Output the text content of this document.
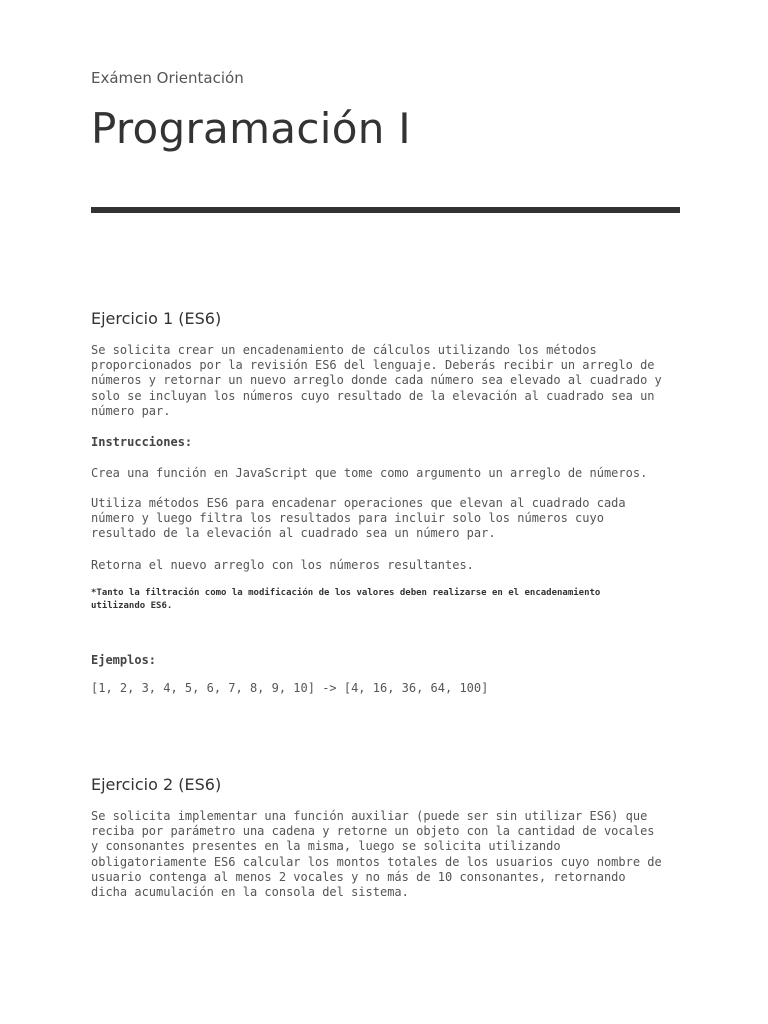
Exámen Orientación
Programación I
Ejercicio 1 (ES6)
Se solicita crear un encadenamiento de cálculos utilizando los métodos
proporcionados por la revisión ES6 del lenguaje. Deberás recibir un arreglo de
números y retornar un nuevo arreglo donde cada número sea elevado al cuadrado y
solo se incluyan los números cuyo resultado de la elevación al cuadrado sea un
número par.
Instrucciones:
Crea una función en JavaScript que tome como argumento un arreglo de números.
Utiliza métodos ES6 para encadenar operaciones que elevan al cuadrado cada
número y luego filtra los resultados para incluir solo los números cuyo
resultado de la elevación al cuadrado sea un número par.
Retorna el nuevo arreglo con los números resultantes.
*Tanto la filtración como la modificación de los valores deben realizarse en el encadenamiento
utilizando ES6.
Ejemplos:
[1, 2, 3, 4, 5, 6, 7, 8, 9, 10] -> [4, 16, 36, 64, 100]
Ejercicio 2 (ES6)
Se solicita implementar una función auxiliar (puede ser sin utilizar ES6) que
reciba por parámetro una cadena y retorne un objeto con la cantidad de vocales
y consonantes presentes en la misma, luego se solicita utilizando
obligatoriamente ES6 calcular los montos totales de los usuarios cuyo nombre de
usuario contenga al menos 2 vocales y no más de 10 consonantes, retornando
dicha acumulación en la consola del sistema.
